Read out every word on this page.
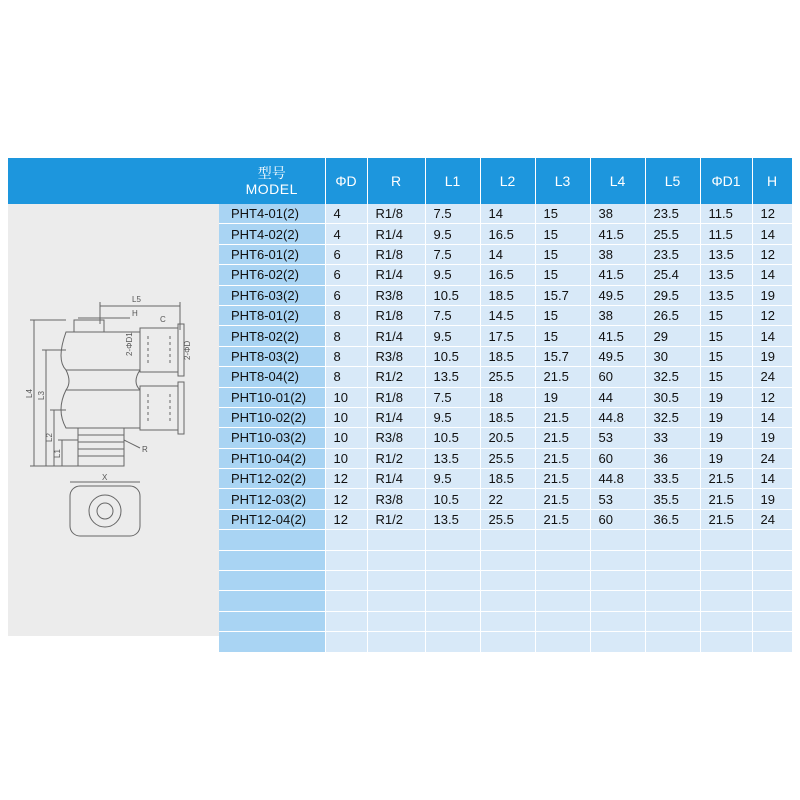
L5
H
C
2-ΦD1	2-ΦD
L3
L4
L2
L1	R
X
型号
MODEL	ΦD	R	L1	L2	L3	L4	L5	ΦD1	H
PHT4-01(2)	4	R1/8	7.5	14	15	38	23.5	11.5	12
PHT4-02(2)	4	R1/4	9.5	16.5	15	41.5	25.5	11.5	14
PHT6-01(2)	6	R1/8	7.5	14	15	38	23.5	13.5	12
PHT6-02(2)	6	R1/4	9.5	16.5	15	41.5	25.4	13.5	14
PHT6-03(2)	6	R3/8	10.5	18.5	15.7	49.5	29.5	13.5	19
PHT8-01(2)	8	R1/8	7.5	14.5	15	38	26.5	15	12
PHT8-02(2)	8	R1/4	9.5	17.5	15	41.5	29	15	14
PHT8-03(2)	8	R3/8	10.5	18.5	15.7	49.5	30	15	19
PHT8-04(2)	8	R1/2	13.5	25.5	21.5	60	32.5	15	24
PHT10-01(2)	10	R1/8	7.5	18	19	44	30.5	19	12
PHT10-02(2)	10	R1/4	9.5	18.5	21.5	44.8	32.5	19	14
PHT10-03(2)	10	R3/8	10.5	20.5	21.5	53	33	19	19
PHT10-04(2)	10	R1/2	13.5	25.5	21.5	60	36	19	24
PHT12-02(2)	12	R1/4	9.5	18.5	21.5	44.8	33.5	21.5	14
PHT12-03(2)	12	R3/8	10.5	22	21.5	53	35.5	21.5	19
PHT12-04(2)	12	R1/2	13.5	25.5	21.5	60	36.5	21.5	24
